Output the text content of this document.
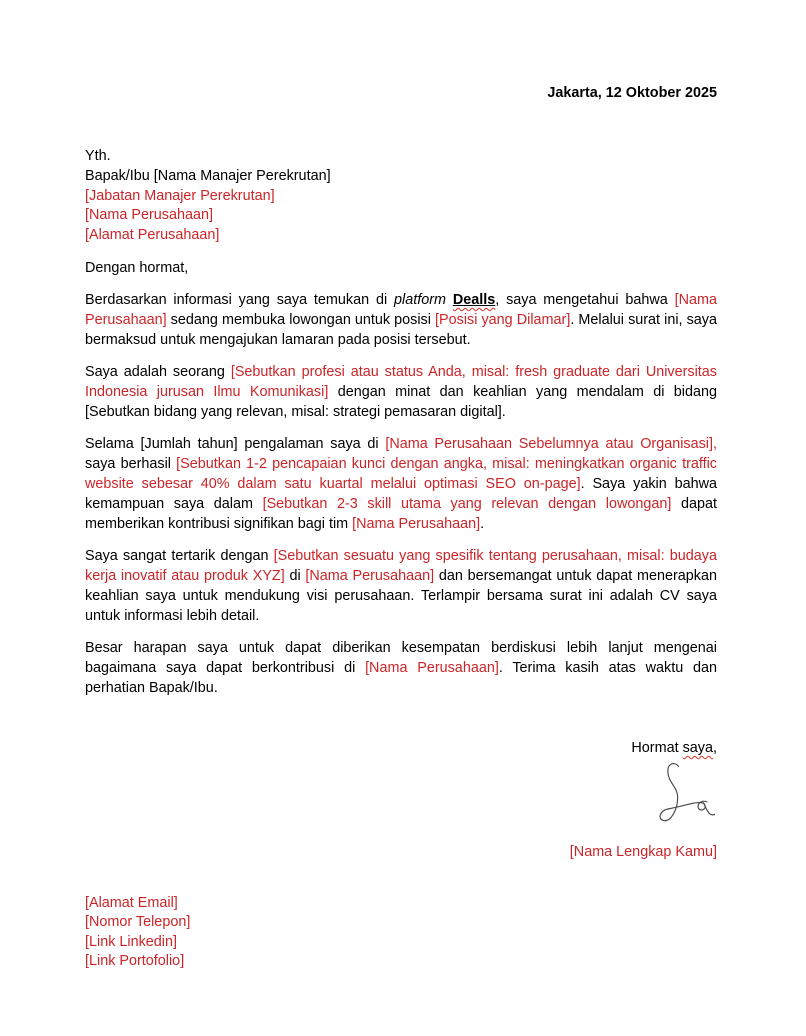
Jakarta, 12 Oktober 2025
Yth.
Bapak/Ibu [Nama Manajer Perekrutan]
[Jabatan Manajer Perekrutan]
[Nama Perusahaan]
[Alamat Perusahaan]

Dengan hormat,

Berdasarkan informasi yang saya temukan di platform Dealls, saya mengetahui bahwa [Nama Perusahaan] sedang membuka lowongan untuk posisi [Posisi yang Dilamar]. Melalui surat ini, saya bermaksud untuk mengajukan lamaran pada posisi tersebut.

Saya adalah seorang [Sebutkan profesi atau status Anda, misal: fresh graduate dari Universitas Indonesia jurusan Ilmu Komunikasi] dengan minat dan keahlian yang mendalam di bidang [Sebutkan bidang yang relevan, misal: strategi pemasaran digital].

Selama [Jumlah tahun] pengalaman saya di [Nama Perusahaan Sebelumnya atau Organisasi], saya berhasil [Sebutkan 1-2 pencapaian kunci dengan angka, misal: meningkatkan organic traffic website sebesar 40% dalam satu kuartal melalui optimasi SEO on-page]. Saya yakin bahwa kemampuan saya dalam [Sebutkan 2-3 skill utama yang relevan dengan lowongan] dapat memberikan kontribusi signifikan bagi tim [Nama Perusahaan].

Saya sangat tertarik dengan [Sebutkan sesuatu yang spesifik tentang perusahaan, misal: budaya kerja inovatif atau produk XYZ] di [Nama Perusahaan] dan bersemangat untuk dapat menerapkan keahlian saya untuk mendukung visi perusahaan. Terlampir bersama surat ini adalah CV saya untuk informasi lebih detail.

Besar harapan saya untuk dapat diberikan kesempatan berdiskusi lebih lanjut mengenai bagaimana saya dapat berkontribusi di [Nama Perusahaan]. Terima kasih atas waktu dan perhatian Bapak/Ibu.

Hormat saya,
[Nama Lengkap Kamu]
[Alamat Email]
[Nomor Telepon]
[Link Linkedin]
[Link Portofolio]
